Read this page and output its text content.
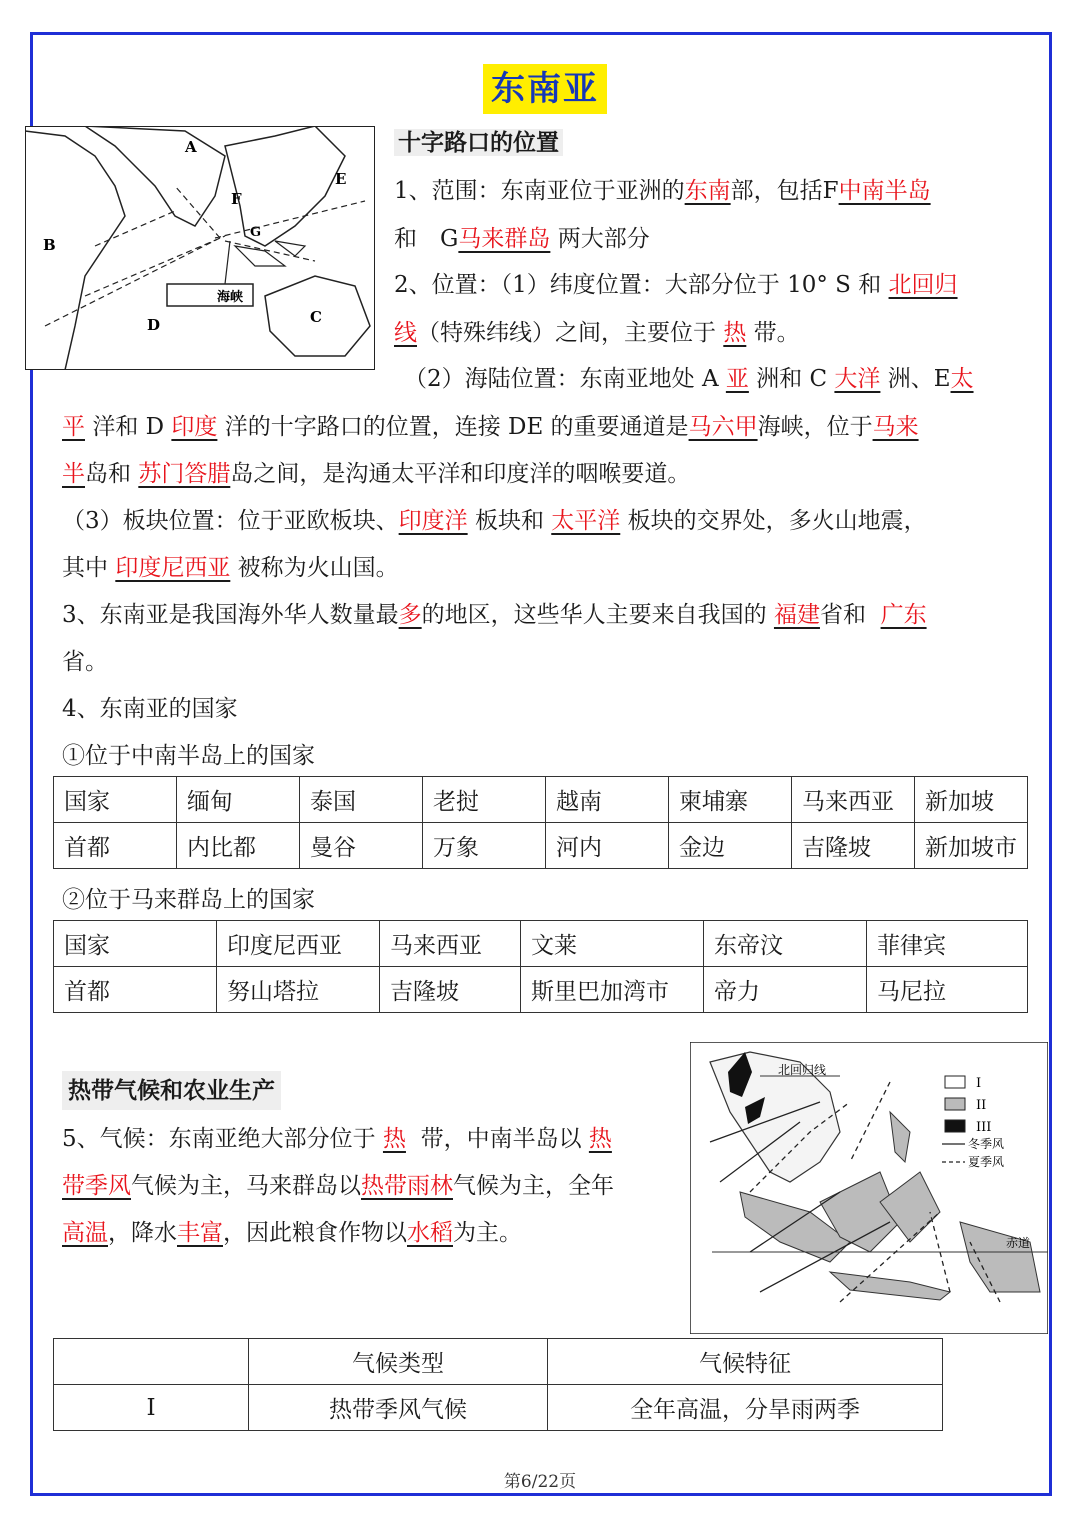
东南亚
A
B
C
D
E
F
G
海峡
十字路口的位置
1、范围：东南亚位于亚洲的东南部，包括F中南半岛
和　G马来群岛 两大部分
2、位置：（1）纬度位置：大部分位于 10° S 和 北回归
线（特殊纬线）之间，主要位于 热 带。
（2）海陆位置：东南亚地处 A 亚 洲和 C 大洋 洲、E太
平 洋和 D 印度 洋的十字路口的位置，连接 DE 的重要通道是马六甲海峡，位于马来
半岛和 苏门答腊岛之间，是沟通太平洋和印度洋的咽喉要道。
（3）板块位置：位于亚欧板块、印度洋 板块和 太平洋 板块的交界处，多火山地震，
其中 印度尼西亚 被称为火山国。
3、东南亚是我国海外华人数量最多的地区，这些华人主要来自我国的 福建省和 广东
省。
4、东南亚的国家
①位于中南半岛上的国家
国家	缅甸	泰国	老挝	越南	柬埔寨	马来西亚	新加坡
首都	内比都	曼谷	万象	河内	金边	吉隆坡	新加坡市
②位于马来群岛上的国家
国家	印度尼西亚	马来西亚	文莱	东帝汶	菲律宾
首都	努山塔拉	吉隆坡	斯里巴加湾市	帝力	马尼拉
热带气候和农业生产
5、气候：东南亚绝大部分位于 热 带，中南半岛以 热
带季风气候为主，马来群岛以热带雨林气候为主，全年
高温，降水丰富，因此粮食作物以水稻为主。
北回归线
赤道
I
II
III
冬季风
夏季风
	气候类型	气候特征
I	热带季风气候	全年高温，分旱雨两季
第6/22页
